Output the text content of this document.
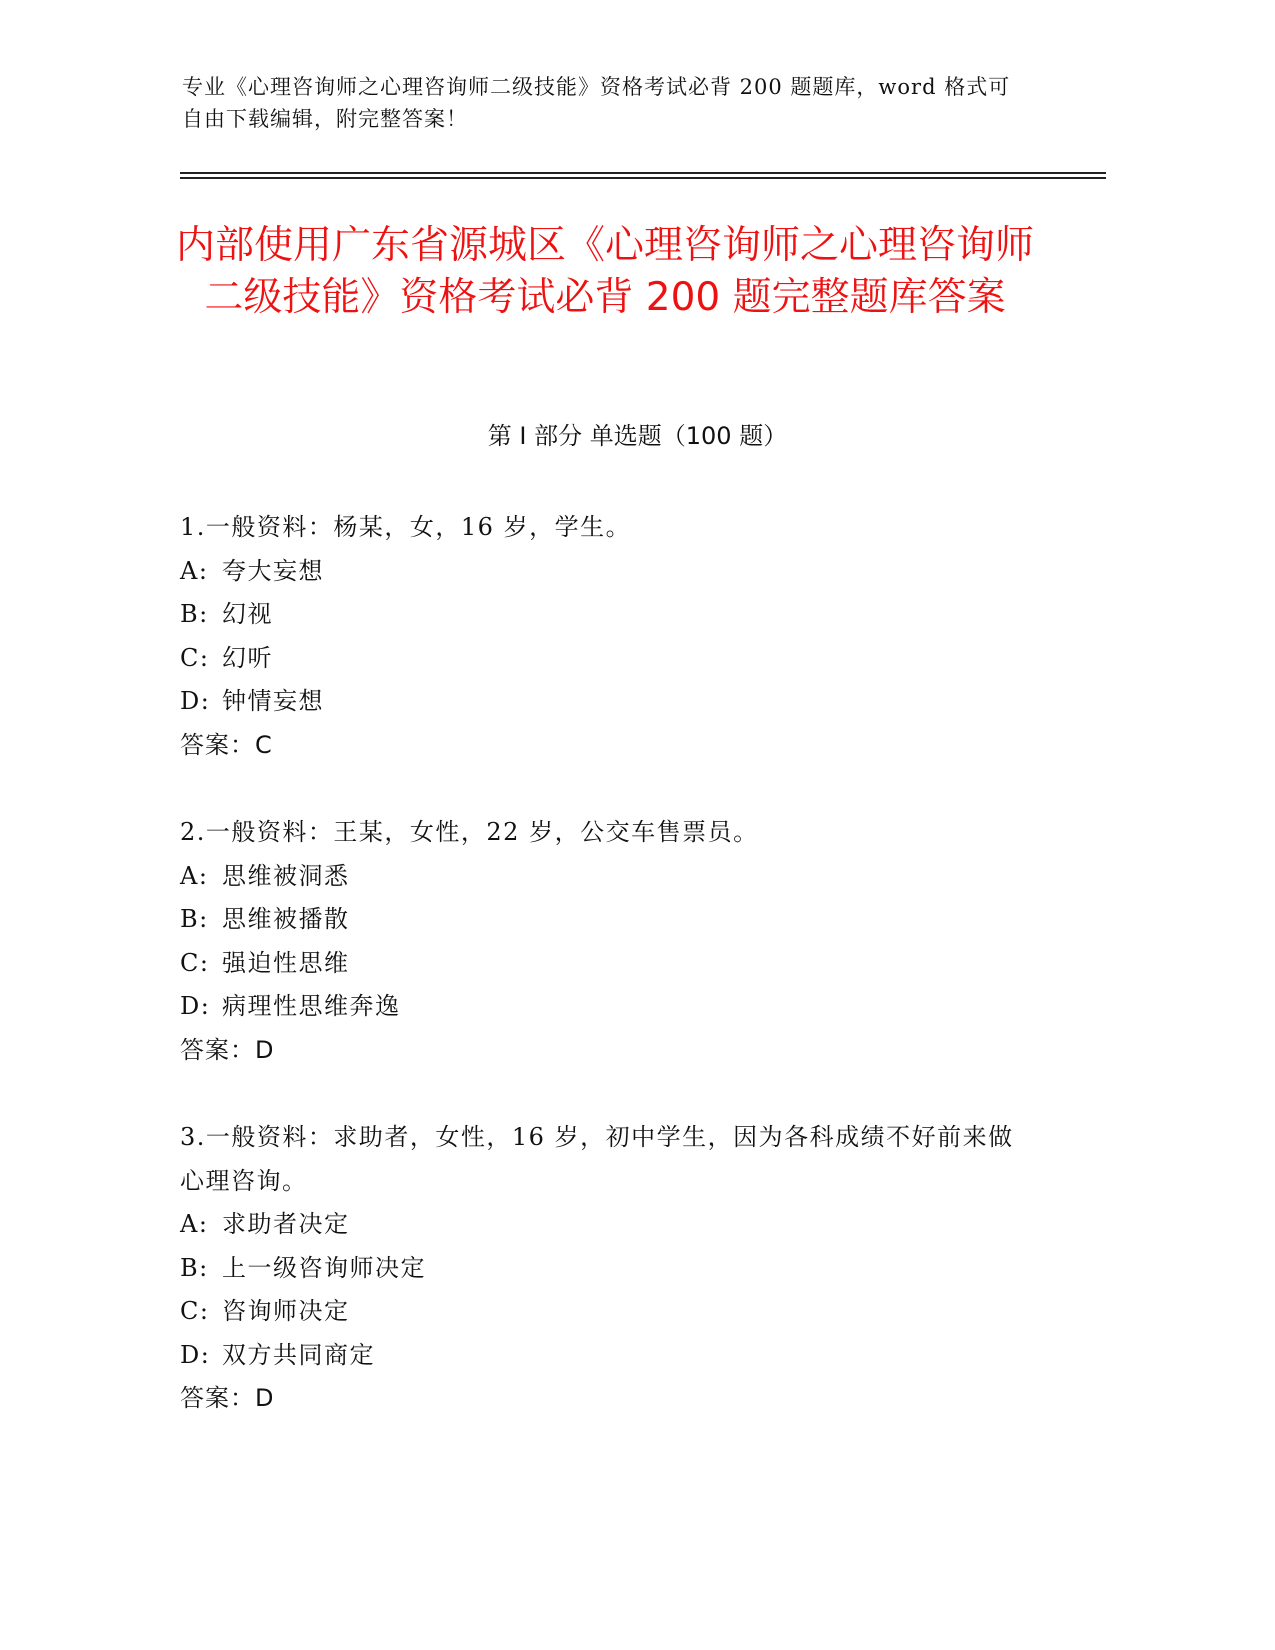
专业《心理咨询师之心理咨询师二级技能》资格考试必背 200 题题库，word 格式可自由下载编辑，附完整答案！
内部使用广东省源城区《心理咨询师之心理咨询师二级技能》资格考试必背 200 题完整题库答案
第 I 部分 单选题（100 题）
1.一般资料：杨某，女，16 岁，学生。
A: 夸大妄想
B: 幻视
C: 幻听
D: 钟情妄想
答案：C
2.一般资料：王某，女性，22 岁，公交车售票员。
A: 思维被洞悉
B: 思维被播散
C: 强迫性思维
D: 病理性思维奔逸
答案：D
3.一般资料：求助者，女性，16 岁，初中学生，因为各科成绩不好前来做心理咨询。
A: 求助者决定
B: 上一级咨询师决定
C: 咨询师决定
D: 双方共同商定
答案：D
